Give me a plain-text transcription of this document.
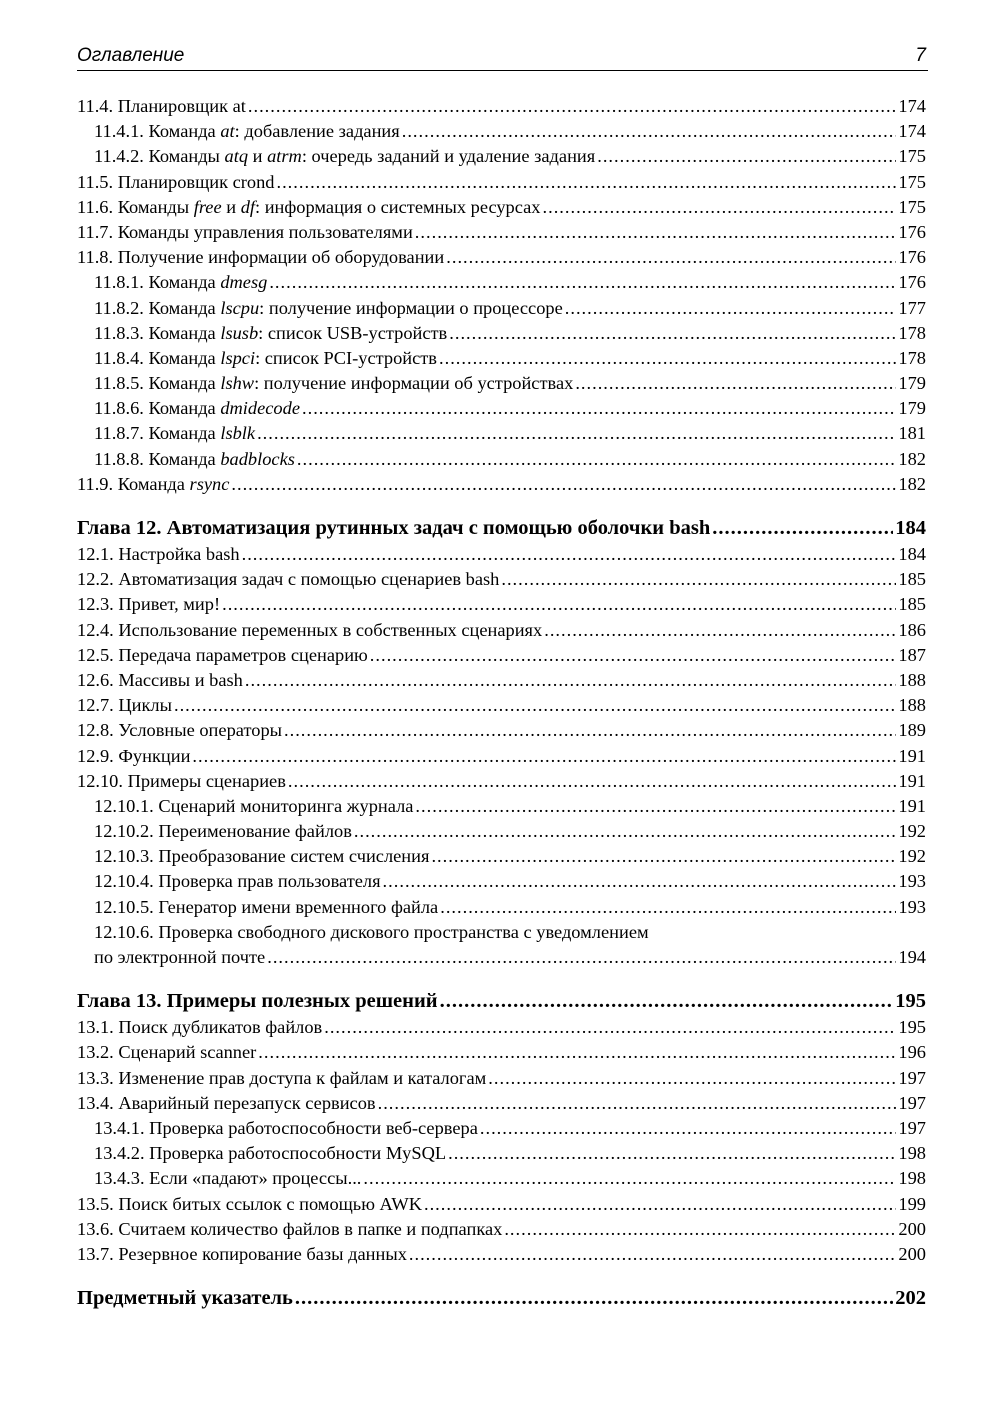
Оглавление	7
11.4. Планировщик at .....	174
11.4.1. Команда at: добавление задания .....	174
11.4.2. Команды atq и atrm: очередь заданий и удаление задания .....	175
11.5. Планировщик crond .....	175
11.6. Команды free и df: информация о системных ресурсах .....	175
11.7. Команды управления пользователями .....	176
11.8. Получение информации об оборудовании .....	176
11.8.1. Команда dmesg .....	176
11.8.2. Команда lscpu: получение информации о процессоре .....	177
11.8.3. Команда lsusb: список USB-устройств .....	178
11.8.4. Команда lspci: список PCI-устройств .....	178
11.8.5. Команда lshw: получение информации об устройствах .....	179
11.8.6. Команда dmidecode .....	179
11.8.7. Команда lsblk .....	181
11.8.8. Команда badblocks .....	182
11.9. Команда rsync .....	182
Глава 12. Автоматизация рутинных задач с помощью оболочки bash .....	184
12.1. Настройка bash .....	184
12.2. Автоматизация задач с помощью сценариев bash .....	185
12.3. Привет, мир! .....	185
12.4. Использование переменных в собственных сценариях .....	186
12.5. Передача параметров сценарию .....	187
12.6. Массивы и bash .....	188
12.7. Циклы .....	188
12.8. Условные операторы .....	189
12.9. Функции .....	191
12.10. Примеры сценариев .....	191
12.10.1. Сценарий мониторинга журнала .....	191
12.10.2. Переименование файлов .....	192
12.10.3. Преобразование систем счисления .....	192
12.10.4. Проверка прав пользователя .....	193
12.10.5. Генератор имени временного файла .....	193
12.10.6. Проверка свободного дискового пространства с уведомлением
по электронной почте .....	194
Глава 13. Примеры полезных решений .....	195
13.1. Поиск дубликатов файлов .....	195
13.2. Сценарий scanner .....	196
13.3. Изменение прав доступа к файлам и каталогам .....	197
13.4. Аварийный перезапуск сервисов .....	197
13.4.1. Проверка работоспособности веб-сервера .....	197
13.4.2. Проверка работоспособности MySQL .....	198
13.4.3. Если «падают» процессы... .....	198
13.5. Поиск битых ссылок с помощью AWK .....	199
13.6. Считаем количество файлов в папке и подпапках .....	200
13.7. Резервное копирование базы данных .....	200
Предметный указатель .....	202
